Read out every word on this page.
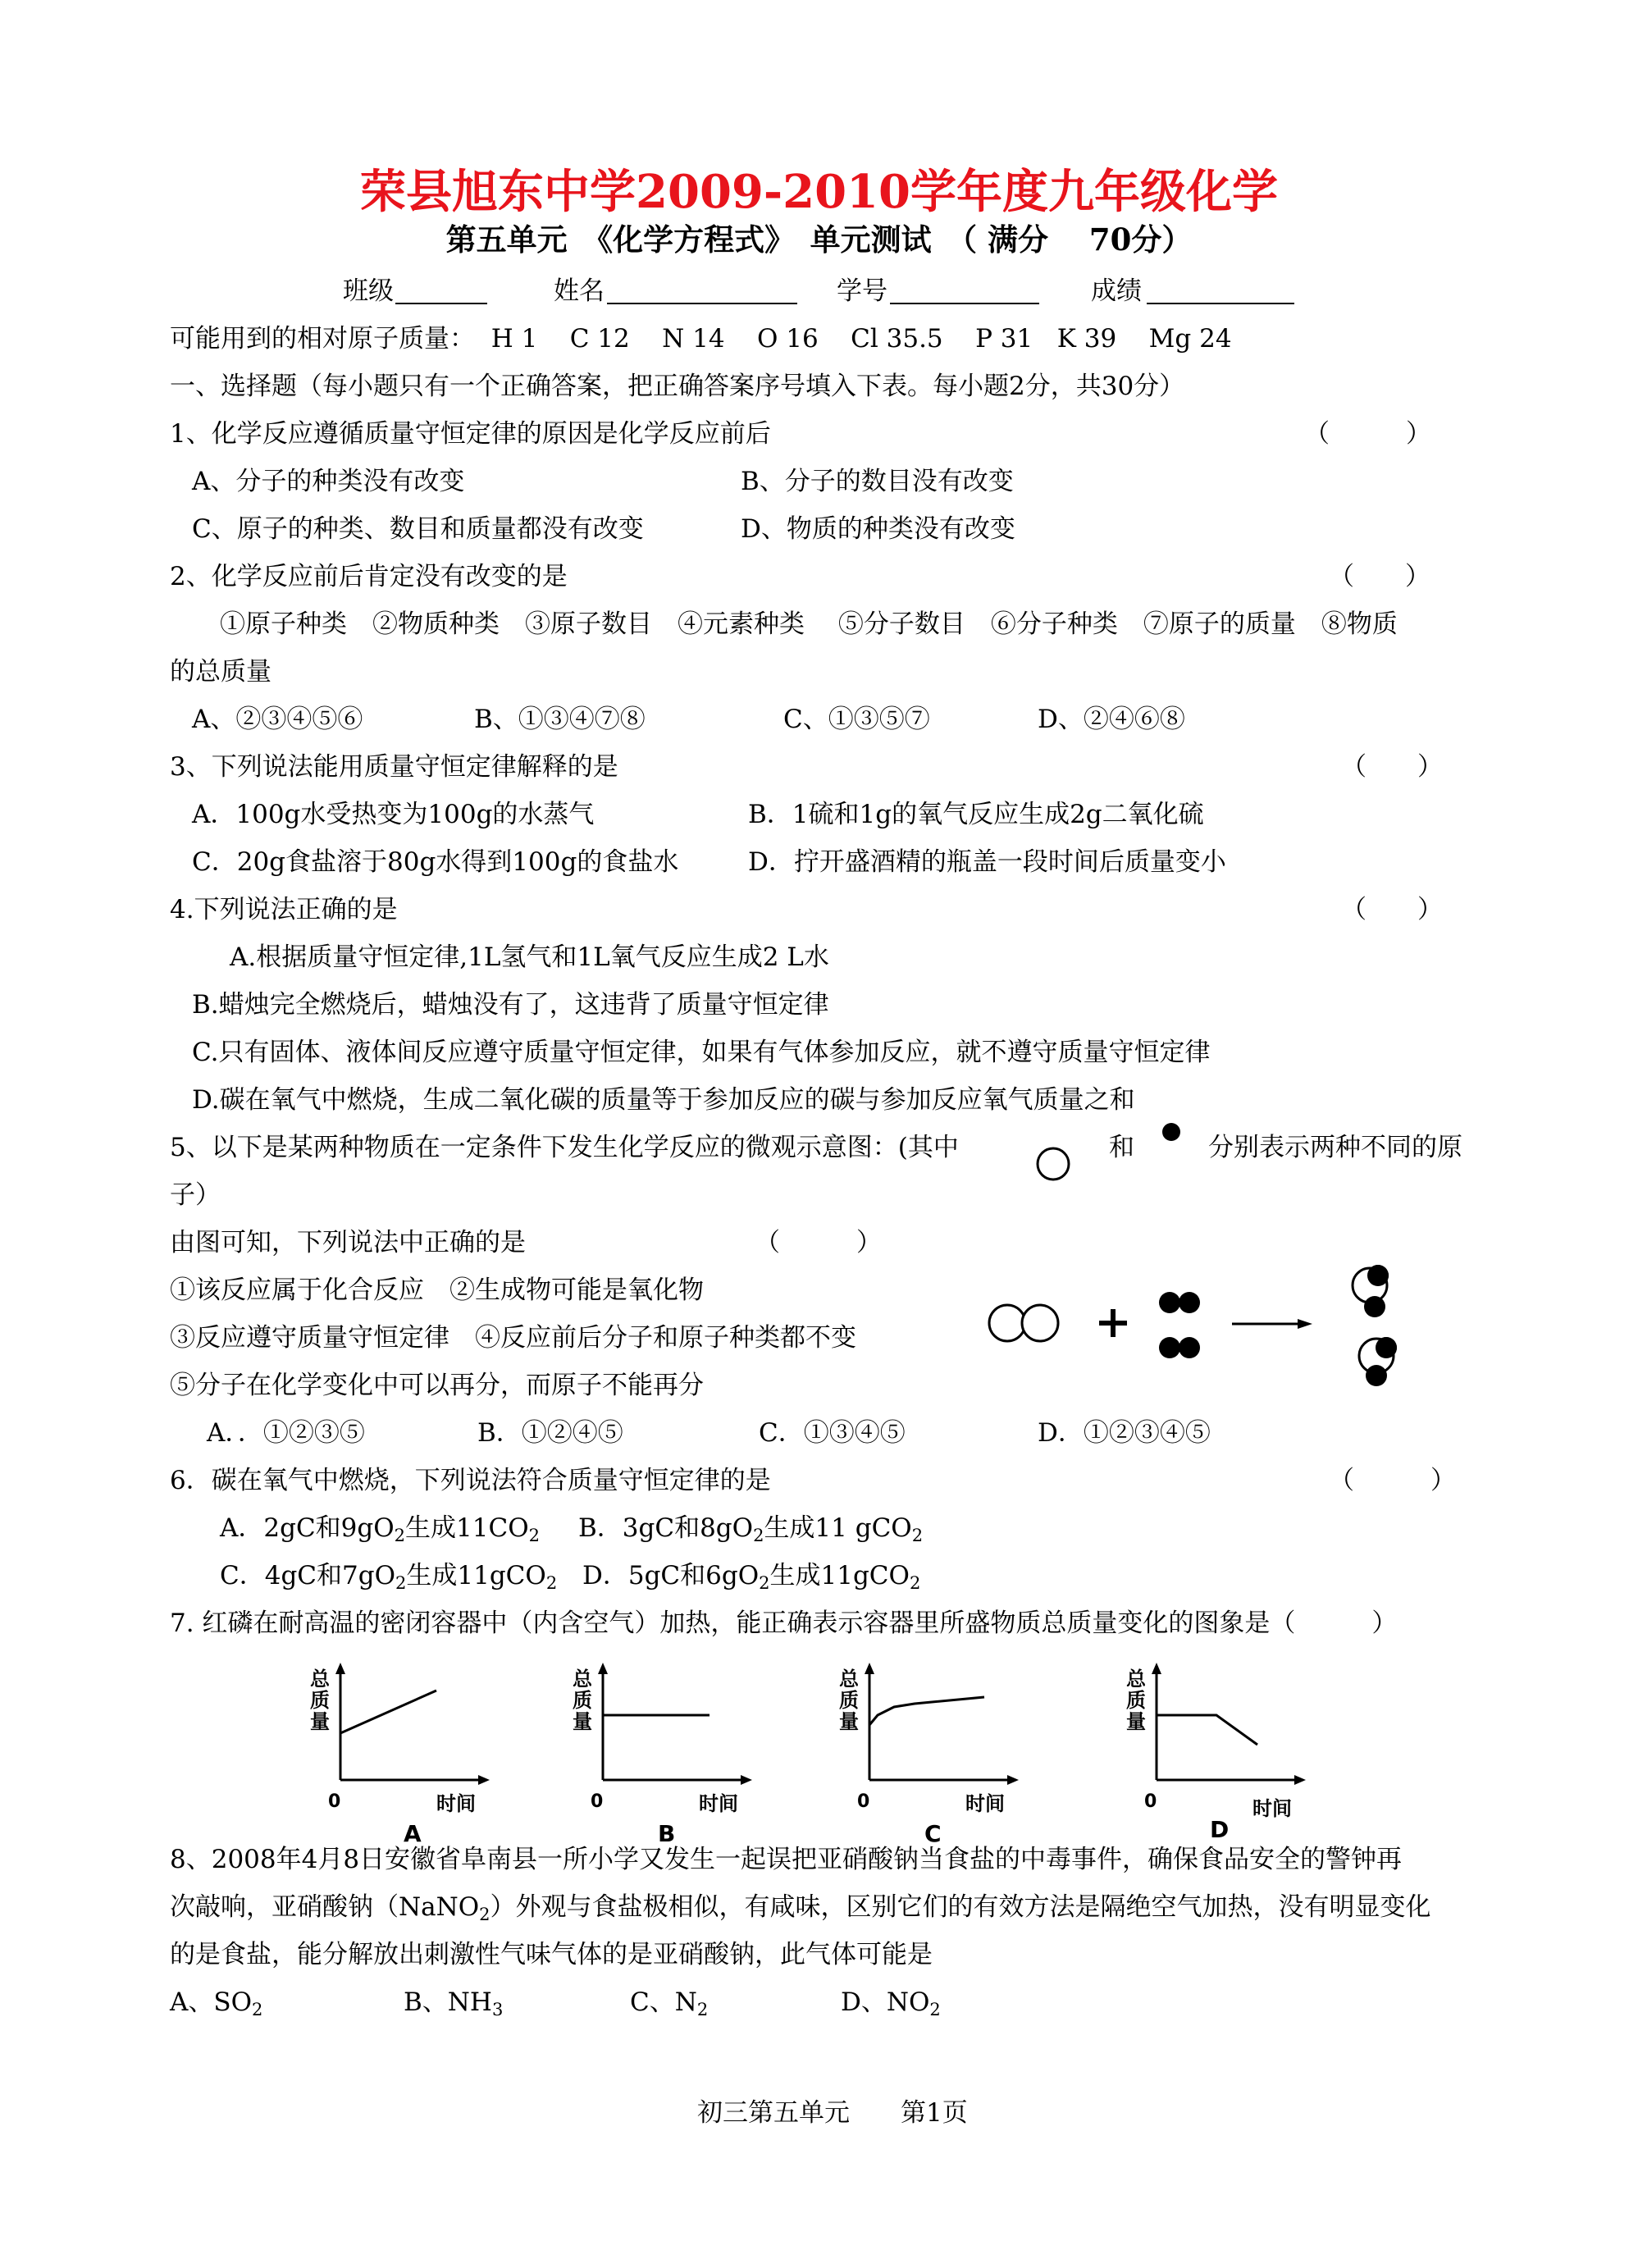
荣县旭东中学2009-2010学年度九年级化学
第五单元　《化学方程式》　单元测试　（ 满分　 70分）
班级	姓名	学号	成绩
可能用到的相对原子质量：  H 1    C 12    N 14    O 16    Cl 35.5    P 31   K 39    Mg 24
一、选择题（每小题只有一个正确答案，把正确答案序号填入下表。每小题2分，共30分）
1、化学反应遵循质量守恒定律的原因是化学反应前后	（　　　）
A、分子的种类没有改变	B、分子的数目没有改变
C、原子的种类、数目和质量都没有改变	D、物质的种类没有改变
2、化学反应前后肯定没有改变的是	（　　）
①原子种类　②物质种类　③原子数目　④元素种类　 ⑤分子数目　⑥分子种类　⑦原子的质量　⑧物质
的总质量
A、②③④⑤⑥	B、①③④⑦⑧	C、①③⑤⑦	D、②④⑥⑧
3、下列说法能用质量守恒定律解释的是	（　　）
A．100g水受热变为100g的水蒸气	B．1硫和1g的氧气反应生成2g二氧化硫
C．20g食盐溶于80g水得到100g的食盐水	D．拧开盛酒精的瓶盖一段时间后质量变小
4.下列说法正确的是	（　　）
A.根据质量守恒定律,1L氢气和1L氧气反应生成2 L水
B.蜡烛完全燃烧后，蜡烛没有了，这违背了质量守恒定律
C.只有固体、液体间反应遵守质量守恒定律，如果有气体参加反应，就不遵守质量守恒定律
D.碳在氧气中燃烧，生成二氧化碳的质量等于参加反应的碳与参加反应氧气质量之和
5、以下是某两种物质在一定条件下发生化学反应的微观示意图：(其中	和	分别表示两种不同的原
子）
由图可知，下列说法中正确的是	（　　　）
①该反应属于化合反应　②生成物可能是氧化物
③反应遵守质量守恒定律　④反应前后分子和原子种类都不变
⑤分子在化学变化中可以再分，而原子不能再分
A．．①②③⑤	B．①②④⑤	C．①③④⑤	D．①②③④⑤
6．碳在氧气中燃烧，下列说法符合质量守恒定律的是	（　　　）
A．2gC和$9gO_2$生成$11CO_2$ B．3gC和$8gO_2$生成11 gCO$_2$
C．4gC和$7gO_2$生成11gCO$_2$ D．5gC和$6gO_2$生成11gCO$_2$
7. 红磷在耐高温的密闭容器中（内含空气）加热，能正确表示容器里所盛物质总质量变化的图象是（　　　）
总
质
量
0	时间
A
总
质
量
0	时间
B
总
质
量
0	时间
C
总
质
量
0	时间
D
8、2008年4月8日安徽省阜南县一所小学又发生一起误把亚硝酸钠当食盐的中毒事件，确保食品安全的警钟再
次敲响，亚硝酸钠（NaNO$_2$）外观与食盐极相似，有咸味，区别它们的有效方法是隔绝空气加热，没有明显变化
的是食盐，能分解放出刺激性气味气体的是亚硝酸钠，此气体可能是
A、$SO_2$	B、$NH_3$	C、$N_2$	D、$NO_2$
初三第五单元　　第1页
